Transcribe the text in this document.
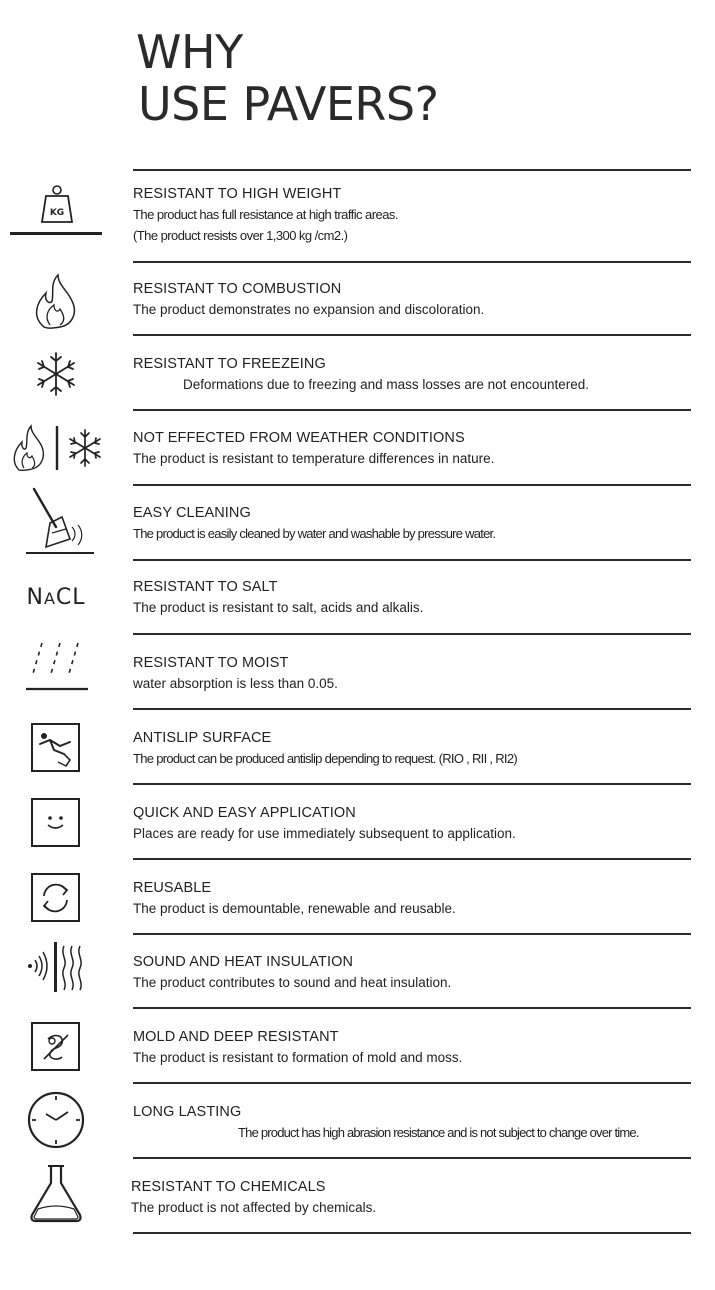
WHY
USE PAVERS?
KG
RESISTANT TO HIGH WEIGHT
The product has full resistance at high traffic areas.
(The product resists over 1,300 kg /cm2.)
RESISTANT TO COMBUSTION
The product demonstrates no expansion and discoloration.
RESISTANT TO FREEZEING
Deformations due to freezing and mass losses are not encountered.
NOT EFFECTED FROM WEATHER CONDITIONS
The product is resistant to temperature differences in nature.
EASY CLEANING
The product is easily cleaned by water and washable by pressure water.
NACL	RESISTANT TO SALT
The product is resistant to salt, acids and alkalis.
RESISTANT TO MOIST
water absorption is less than 0.05.
ANTISLIP SURFACE
The product can be produced antislip depending to request. (RIO , RII , RI2)
QUICK AND EASY APPLICATION
Places are ready for use immediately subsequent to application.
REUSABLE
The product is demountable, renewable and reusable.
SOUND AND HEAT INSULATION
The product contributes to sound and heat insulation.
MOLD AND DEEP RESISTANT
The product is resistant to formation of mold and moss.
LONG LASTING
The product has high abrasion resistance and is not subject to change over time.
RESISTANT TO CHEMICALS
The product is not affected by chemicals.
